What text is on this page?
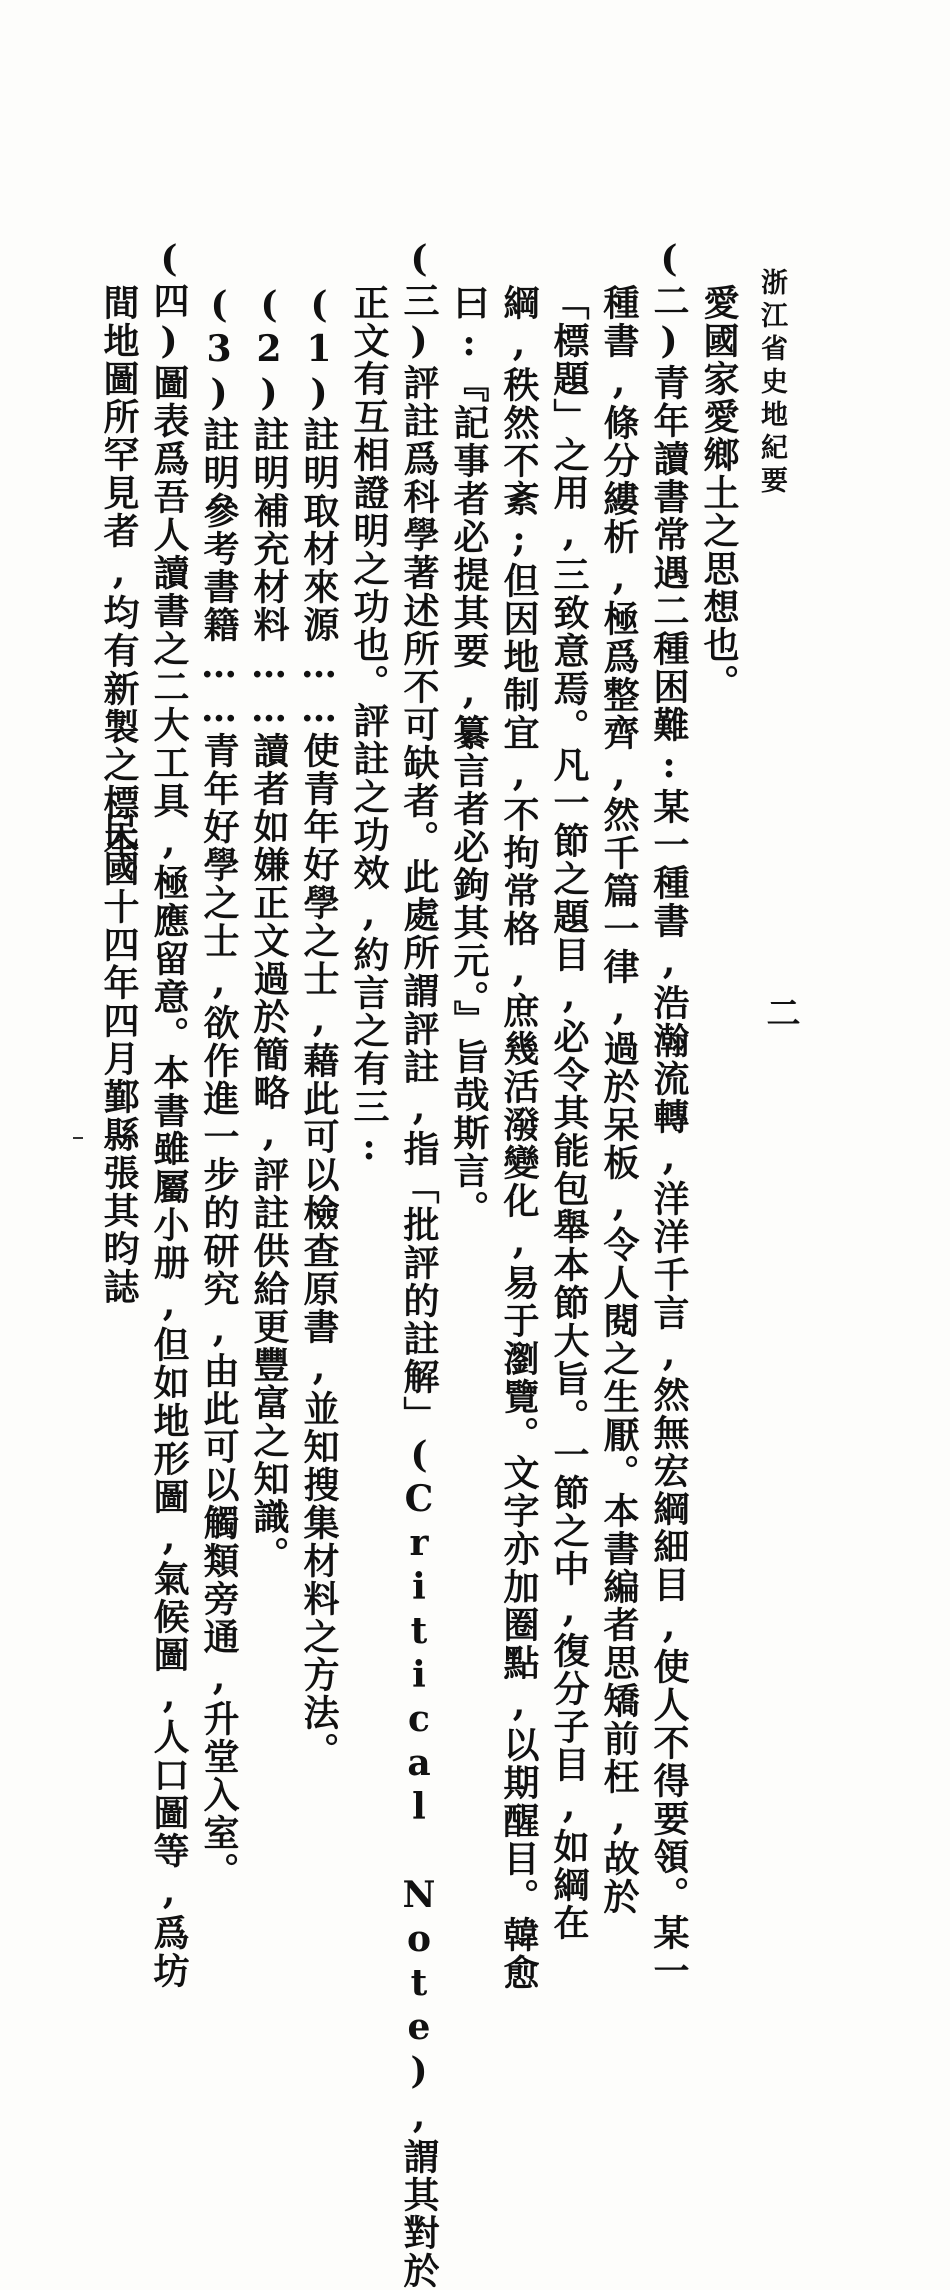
浙江省史地紀要
二
愛國家愛鄉土之思想也。
(二)青年讀書常遇二種困難:某一種書,浩瀚流轉,洋洋千言,然無宏綱細目,使人不得要領。某一
種書,條分縷析,極爲整齊,然千篇一律,過於呆板,令人閱之生厭。本書編者思矯前枉,故於
「標題」之用,三致意焉。凡一節之題目,必令其能包舉本節大旨。一節之中,復分子目,如綱在
綱,秩然不紊;但因地制宜,不拘常格,庶幾活潑變化,易于瀏覽。文字亦加圈點,以期醒目。韓愈
曰:『記事者必提其要,纂言者必鉤其元。』旨哉斯言。
(三)評註爲科學著述所不可缺者。此處所謂評註,指「批評的註解」(Critical Note),謂其對於
正文有互相證明之功也。評註之功效,約言之有三:
(1)註明取材來源……使青年好學之士,藉此可以檢查原書,並知搜集材料之方法。
(2)註明補充材料……讀者如嫌正文過於簡略,評註供給更豐富之知識。
(3)註明參考書籍……青年好學之士,欲作進一步的研究,由此可以觸類旁通,升堂入室。
(四)圖表爲吾人讀書之二大工具,極應留意。本書雖屬小册,但如地形圖,氣候圖,人口圖等,爲坊
間地圖所罕見者,均有新製之標本。
民國十四年四月鄞縣張其昀誌
